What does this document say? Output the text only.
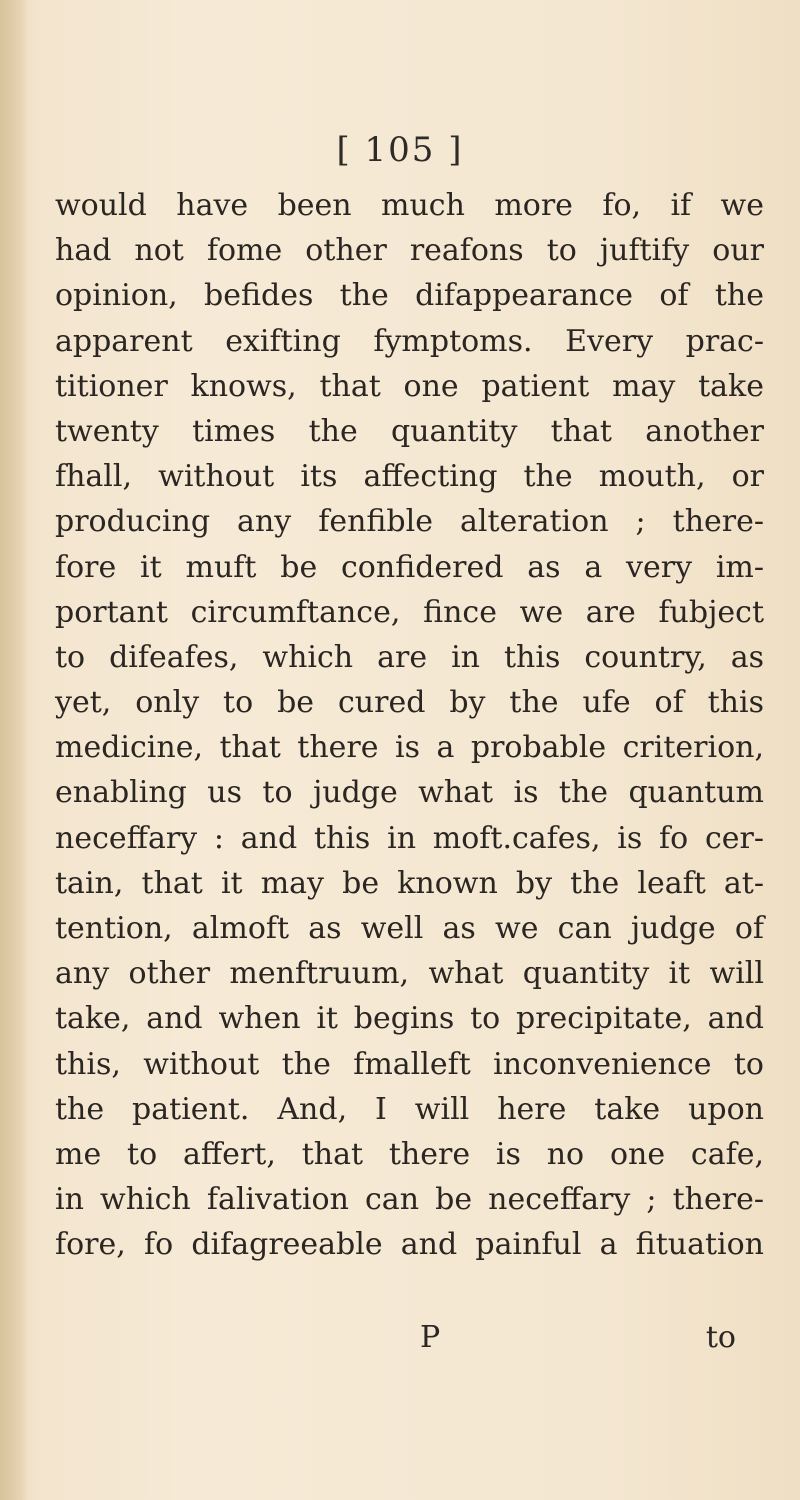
[ 105 ]
would have been much more fo, if we
had not fome other reafons to juftify our
opinion, befides the difappearance of the
apparent exifting fymptoms. Every prac-
titioner knows, that one patient may take
twenty times the quantity that another
fhall, without its affecting the mouth, or
producing any fenfible alteration ; there-
fore it muft be confidered as a very im-
portant circumftance, fince we are fubject
to difeafes, which are in this country, as
yet, only to be cured by the ufe of this
medicine, that there is a probable criterion,
enabling us to judge what is the quantum
neceffary : and this in moft.cafes, is fo cer-
tain, that it may be known by the leaft at-
tention, almoft as well as we can judge of
any other menftruum, what quantity it will
take, and when it begins to precipitate, and
this, without the fmalleft inconvenience to
the patient. And, I will here take upon
me to affert, that there is no one cafe,
in which falivation can be neceffary ; there-
fore, fo difagreeable and painful a fituation
P	to
